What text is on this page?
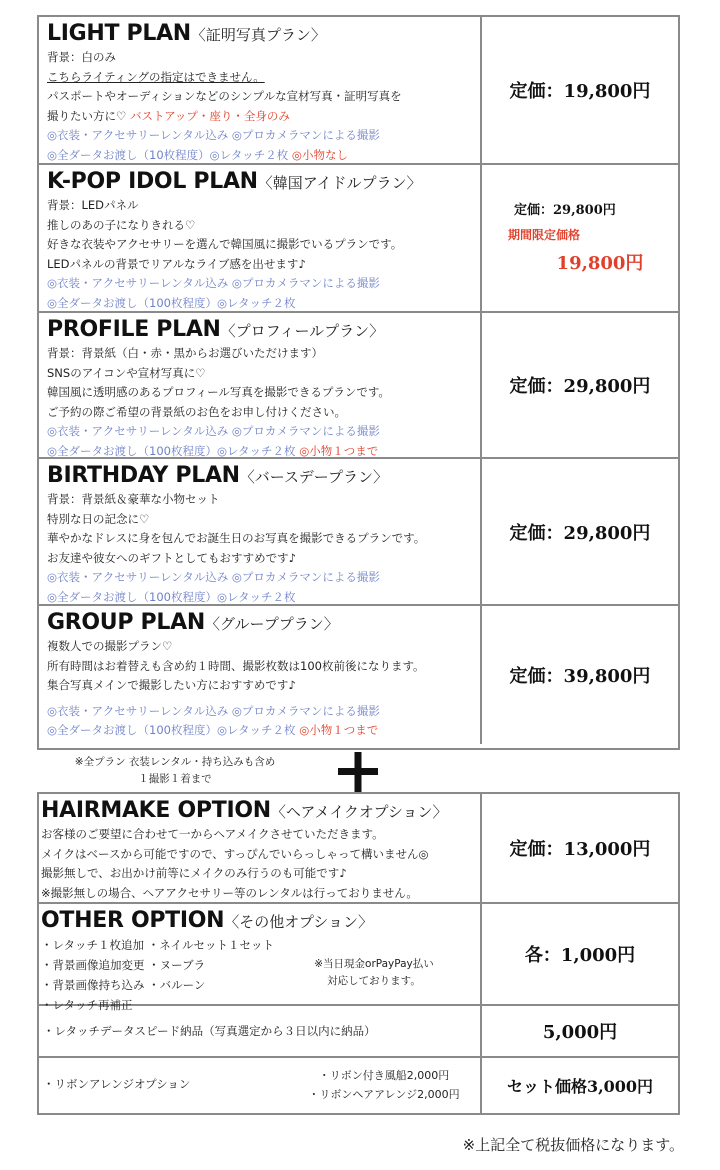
LIGHT PLAN〈証明写真プラン〉
背景：白のみ
こちらライティングの指定はできません。
パスポートやオーディションなどのシンプルな宣材写真・証明写真を
撮りたい方に♡ バストアップ・座り・全身のみ
◎衣装・アクセサリーレンタル込み ◎プロカメラマンによる撮影
◎全ダータお渡し（10枚程度）◎レタッチ２枚 ◎小物なし
定価：19,800円
K-POP IDOL PLAN〈韓国アイドルプラン〉
背景：LEDパネル
推しのあの子になりきれる♡
好きな衣装やアクセサリーを選んで韓国風に撮影でいるプランです。
LEDパネルの背景でリアルなライブ感を出せます♪
◎衣装・アクセサリーレンタル込み ◎プロカメラマンによる撮影
◎全ダータお渡し（100枚程度）◎レタッチ２枚
定価：29,800円
期間限定価格
19,800円
PROFILE PLAN〈プロフィールプラン〉
背景：背景紙（白・赤・黒からお選びいただけます）
SNSのアイコンや宣材写真に♡
韓国風に透明感のあるプロフィール写真を撮影できるプランです。
ご予約の際ご希望の背景紙のお色をお申し付けください。
◎衣装・アクセサリーレンタル込み ◎プロカメラマンによる撮影
◎全ダータお渡し（100枚程度）◎レタッチ２枚 ◎小物１つまで
定価：29,800円
BIRTHDAY PLAN〈バースデープラン〉
背景：背景紙＆豪華な小物セット
特別な日の記念に♡
華やかなドレスに身を包んでお誕生日のお写真を撮影できるプランです。
お友達や彼女へのギフトとしてもおすすめです♪
◎衣装・アクセサリーレンタル込み ◎プロカメラマンによる撮影
◎全ダータお渡し（100枚程度）◎レタッチ２枚
定価：29,800円
GROUP PLAN〈グループプラン〉
複数人での撮影プラン♡
所有時間はお着替えも含め約１時間、撮影枚数は100枚前後になります。
集合写真メインで撮影したい方におすすめです♪
◎衣装・アクセサリーレンタル込み ◎プロカメラマンによる撮影
◎全ダータお渡し（100枚程度）◎レタッチ２枚 ◎小物１つまで
定価：39,800円
※全プラン 衣装レンタル・持ち込みも含め
１撮影１着まで
HAIRMAKE OPTION〈ヘアメイクオプション〉
お客様のご要望に合わせて一からヘアメイクさせていただきます。
メイクはベースから可能ですので、すっぴんでいらっしゃって構いません◎
撮影無しで、お出かけ前等にメイクのみ行うのも可能です♪
※撮影無しの場合、ヘアアクセサリー等のレンタルは行っておりません。
定価：13,000円
OTHER OPTION〈その他オプション〉
・レタッチ１枚追加 ・ネイルセット１セット
・背景画像追加変更 ・ヌーブラ
・背景画像持ち込み ・バルーン
・レタッチ再補正
※当日現金orPayPay払い
対応しております。
各：1,000円
・レタッチデータスピード納品（写真選定から３日以内に納品）	5,000円
・リボンアレンジオプション
・リボン付き風船2,000円
・リボンヘアアレンジ2,000円	セット価格3,000円
※上記全て税抜価格になります。
